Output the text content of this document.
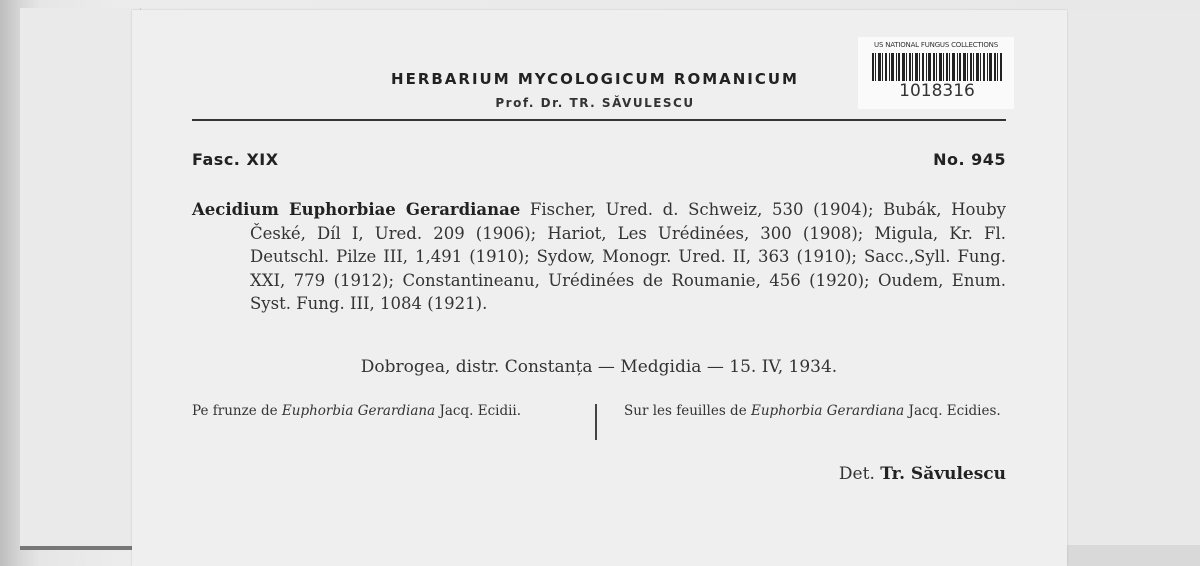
HERBARIUM MYCOLOGICUM ROMANICUM
Prof. Dr. TR. SĂVULESCU
US NATIONAL FUNGUS COLLECTIONS
1018316
Fasc. XIX	No. 945
Aecidium Euphorbiae Gerardianae Fischer, Ured. d. Schweiz, 530 (1904); Bubák, Houby České, Díl I, Ured. 209 (1906); Hariot, Les Urédinées, 300 (1908); Migula, Kr. Fl. Deutschl. Pilze III, 1,491 (1910); Sydow, Monogr. Ured. II, 363 (1910); Sacc.,Syll. Fung. XXI, 779 (1912); Constantineanu, Urédinées de Roumanie, 456 (1920); Oudem, Enum. Syst. Fung. III, 1084 (1921).
Dobrogea, distr. Constanța — Medgidia — 15. IV, 1934.
Pe frunze de Euphorbia Gerardiana Jacq. Ecidii.	Sur les feuilles de Euphorbia Gerardiana Jacq. Ecidies.
Det. Tr. Săvulescu
